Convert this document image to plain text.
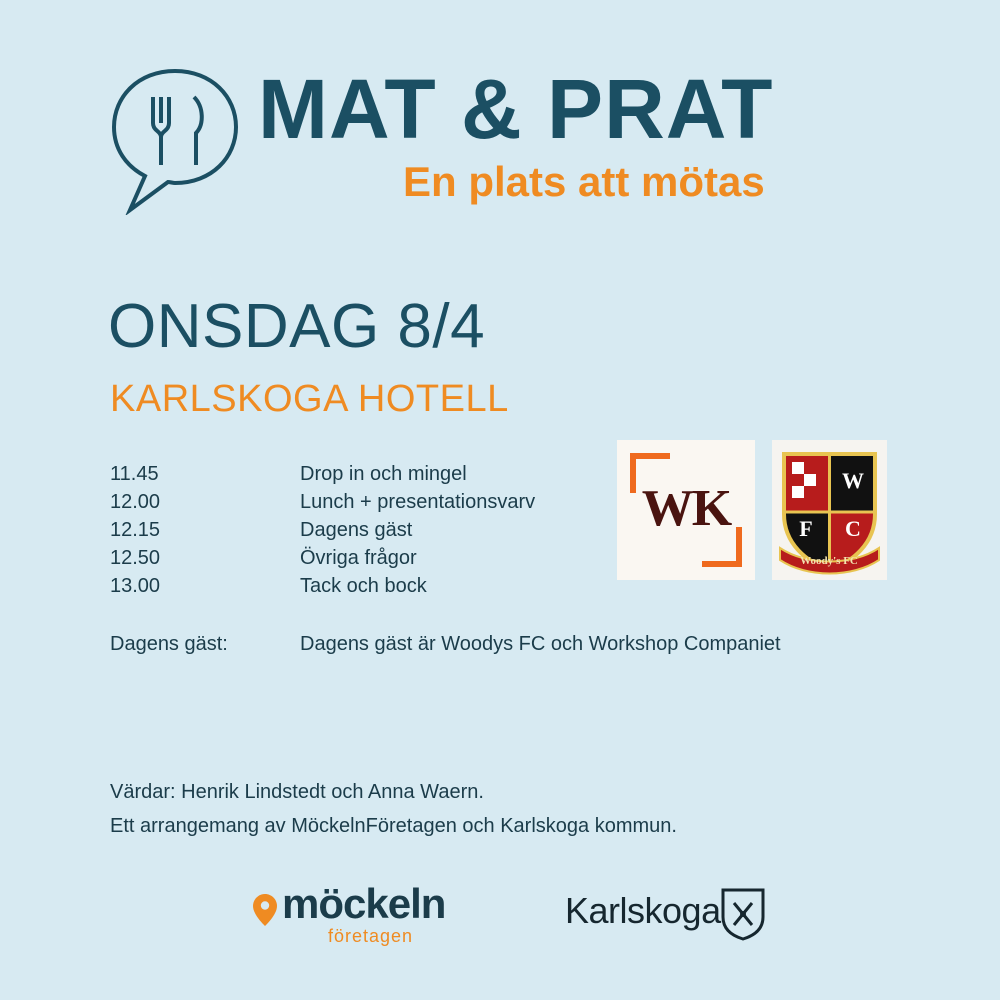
MAT & PRAT
En plats att mötas
ONSDAG 8/4
KARLSKOGA HOTELL
11.45	Drop in och mingel
12.00	Lunch + presentationsvarv
12.15	Dagens gäst
12.50	Övriga frågor
13.00	Tack och bock
Dagens gäst:	Dagens gäst är Woodys FC och Workshop Companiet
WK	W
F C
Woody's FC
Värdar: Henrik Lindstedt och Anna Waern.
Ett arrangemang av MöckelnFöretagen och Karlskoga kommun.
möckeln
företagen
Karlskoga
